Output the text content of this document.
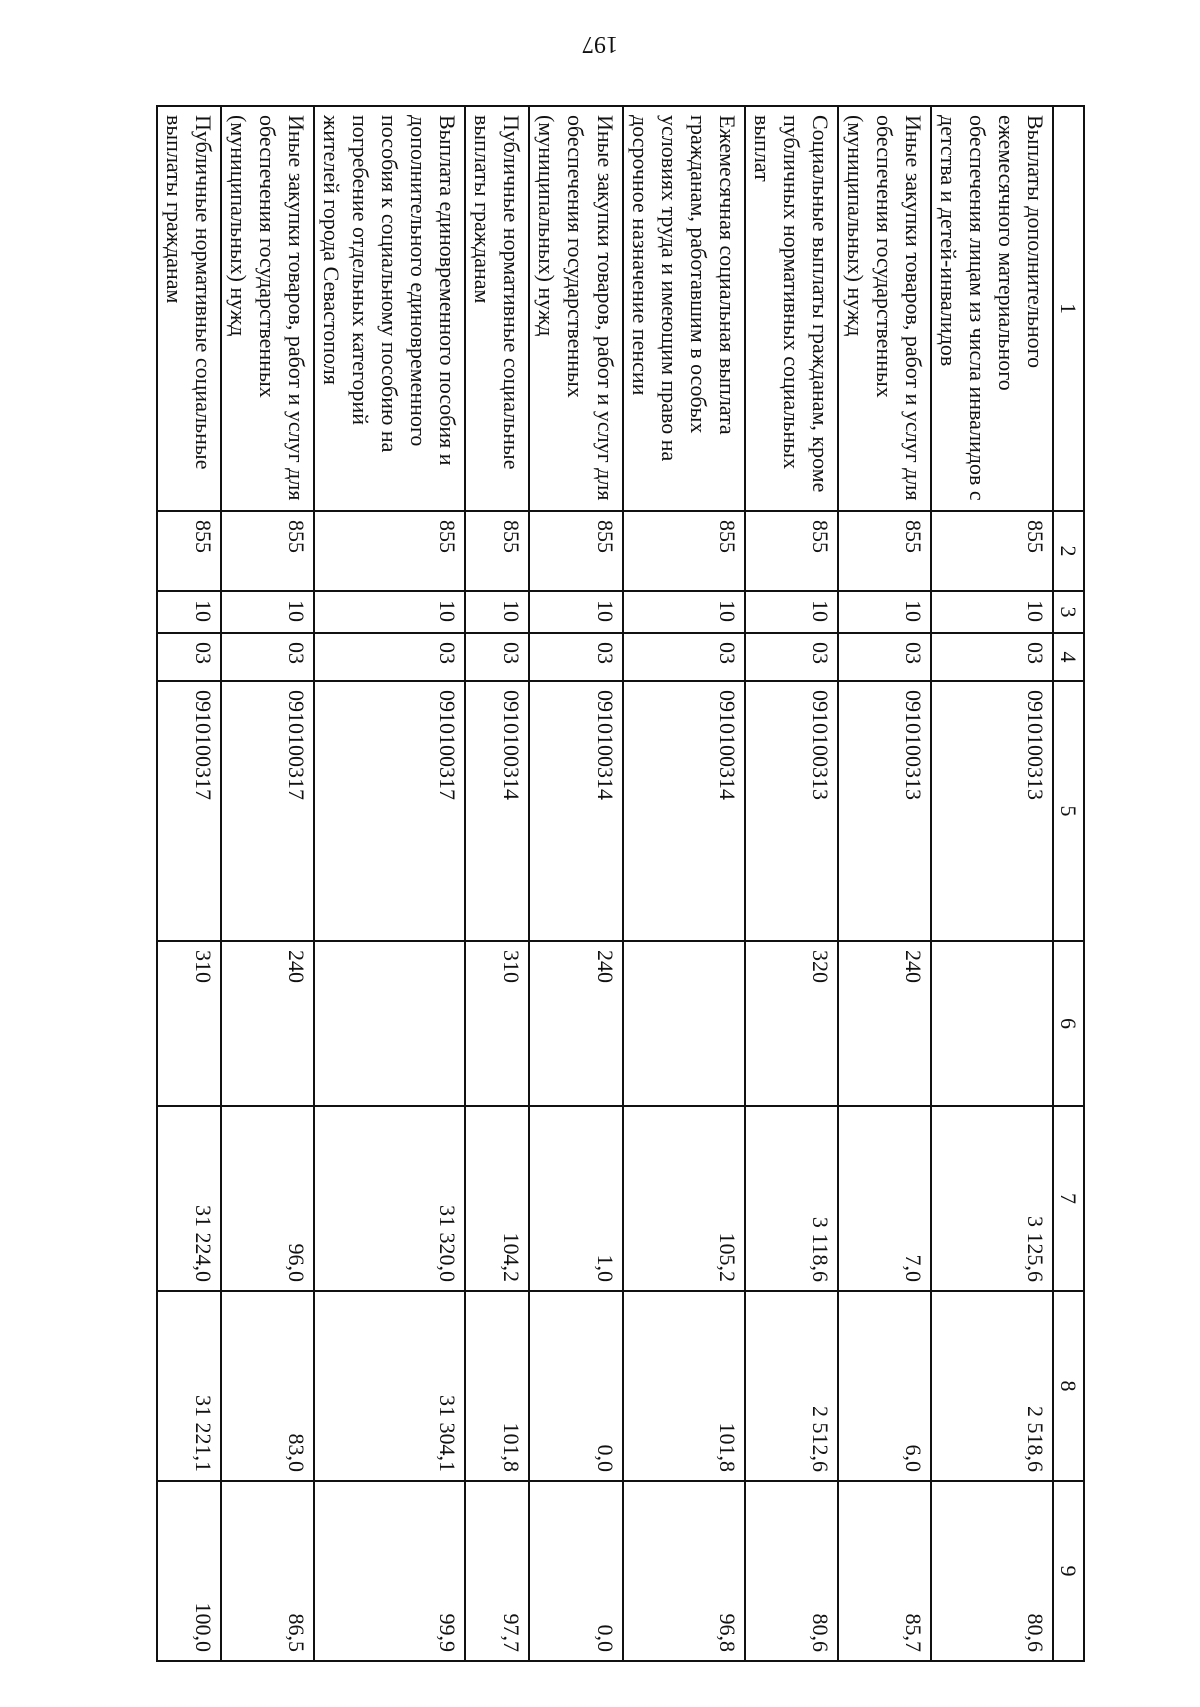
197
1	2	3	4	5	6	7	8	9
Выплаты дополнительного ежемесячного материального обеспечения лицам из числа инвалидов с детства и детей-инвалидов	855	10	03	0910100313		3 125,6	2 518,6	80,6
Иные закупки товаров, работ и услуг для обеспечения государственных (муниципальных) нужд	855	10	03	0910100313	240	7,0	6,0	85,7
Социальные выплаты гражданам, кроме публичных нормативных социальных выплат	855	10	03	0910100313	320	3 118,6	2 512,6	80,6
Ежемесячная социальная выплата гражданам, работавшим в особых условиях труда и имеющим право на досрочное назначение пенсии	855	10	03	0910100314		105,2	101,8	96,8
Иные закупки товаров, работ и услуг для обеспечения государственных (муниципальных) нужд	855	10	03	0910100314	240	1,0	0,0	0,0
Публичные нормативные социальные выплаты гражданам	855	10	03	0910100314	310	104,2	101,8	97,7
Выплата единовременного пособия и дополнительного единовременного пособия к социальному пособию на погребение отдельных категорий жителей города Севастополя	855	10	03	0910100317		31 320,0	31 304,1	99,9
Иные закупки товаров, работ и услуг для обеспечения государственных (муниципальных) нужд	855	10	03	0910100317	240	96,0	83,0	86,5
Публичные нормативные социальные выплаты гражданам	855	10	03	0910100317	310	31 224,0	31 221,1	100,0
